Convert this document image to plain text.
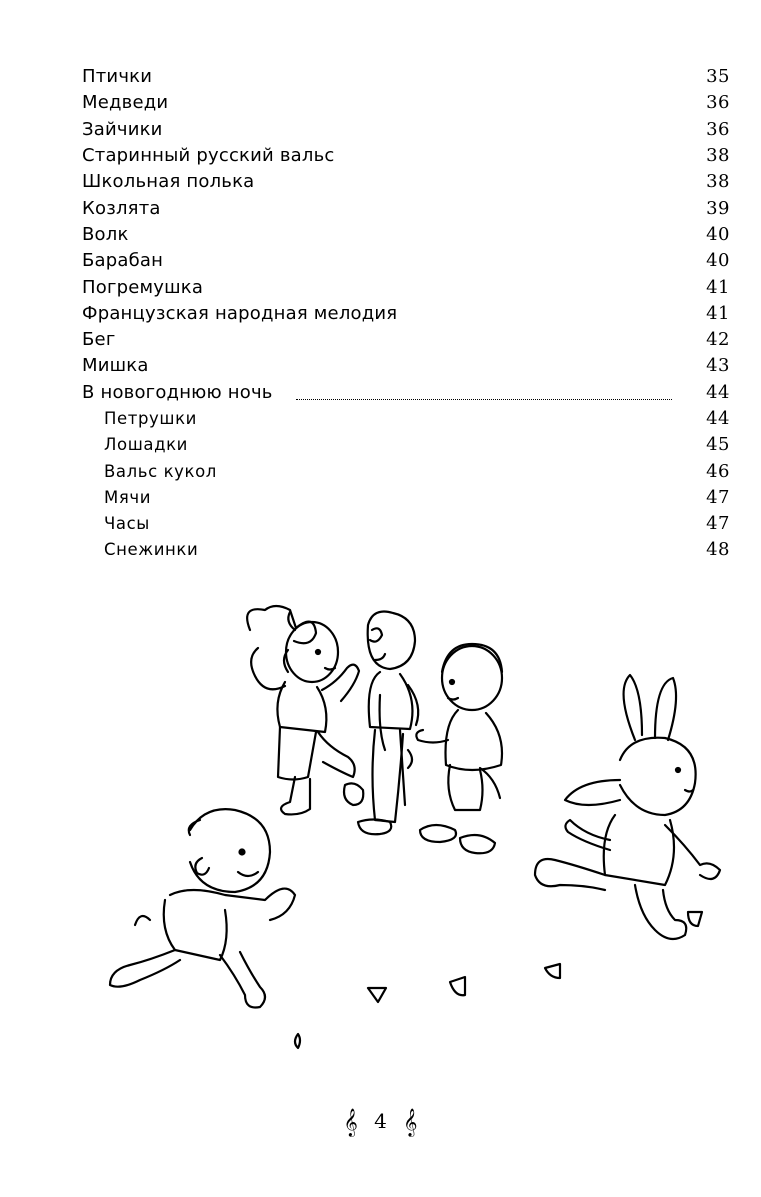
Птички	35
Медведи	36
Зайчики	36
Старинный русский вальс	38
Школьная полька	38
Козлята	39
Волк	40
Барабан	40
Погремушка	41
Французская народная мелодия	41
Бег	42
Мишка	43
В новогоднюю ночь	44
Петрушки	44
Лошадки	45
Вальс кукол	46
Мячи	47
Часы	47
Снежинки	48
𝄞 4 𝄞
